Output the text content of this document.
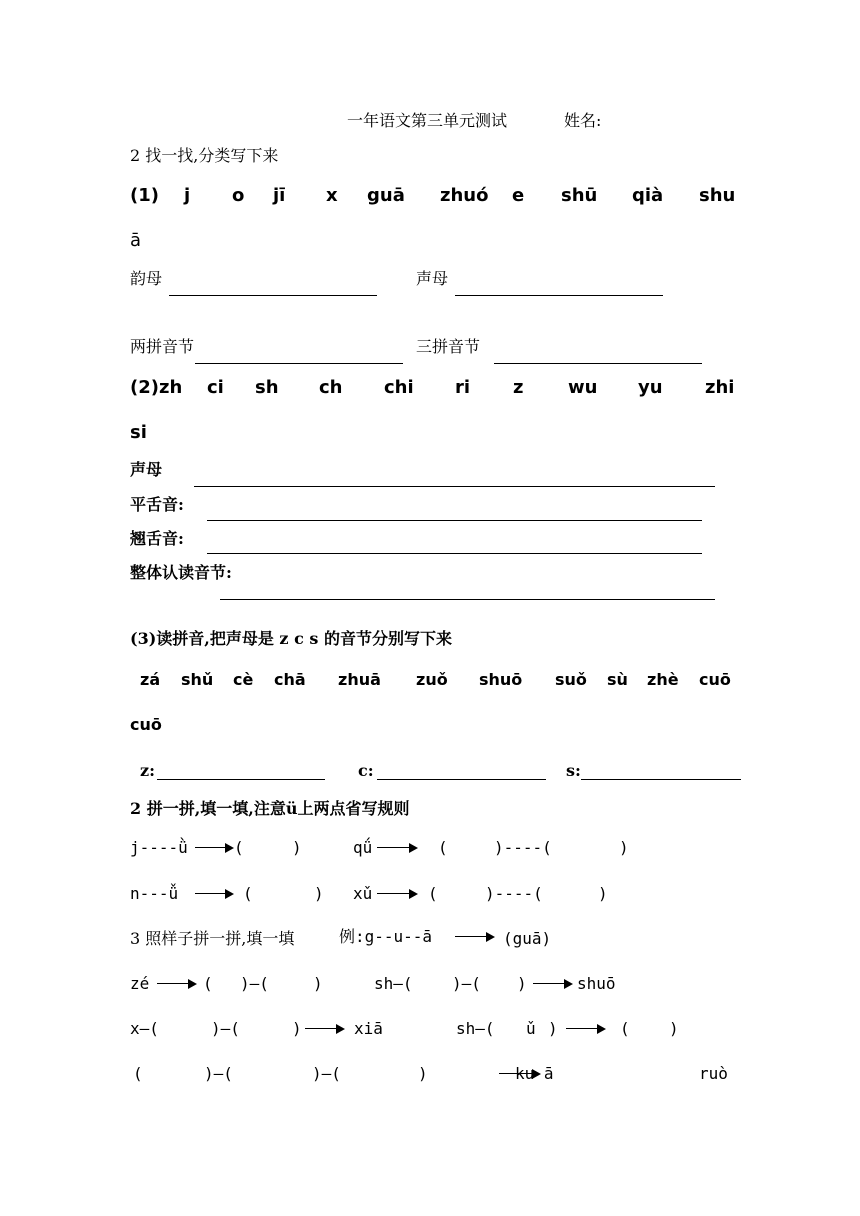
一年语文第三单元测试	姓名:
2 找一找,分类写下来
(1) j o jī x guā zhuó e shū qià shu
ā
韵母	声母
两拼音节	三拼音节
(2)zh ci sh ch chi ri z wu yu zhi
si
声母
平舌音:
翘舌音:
整体认读音节:
(3)读拼音,把声母是 z c s 的音节分别写下来
zá shǔ cè chā zhuā zuǒ shuō suǒ sù zhè cuō
cuō
z:	c:	s:
2 拼一拼,填一填,注意ü上两点省写规则
j----ǜ	(	)	qǘ	(	)----(	)
n---ǚ	(	) xǔ	(	)----(	)
3 照样子拼一拼,填一填	例:g--u--ā	(guā)
zé	( )—(	)	sh—( )—( )	shuō
x—(	)—(	)	xiā	sh—( ǔ )	( )
(	)—(	)—(	)	ku ā	ruò
